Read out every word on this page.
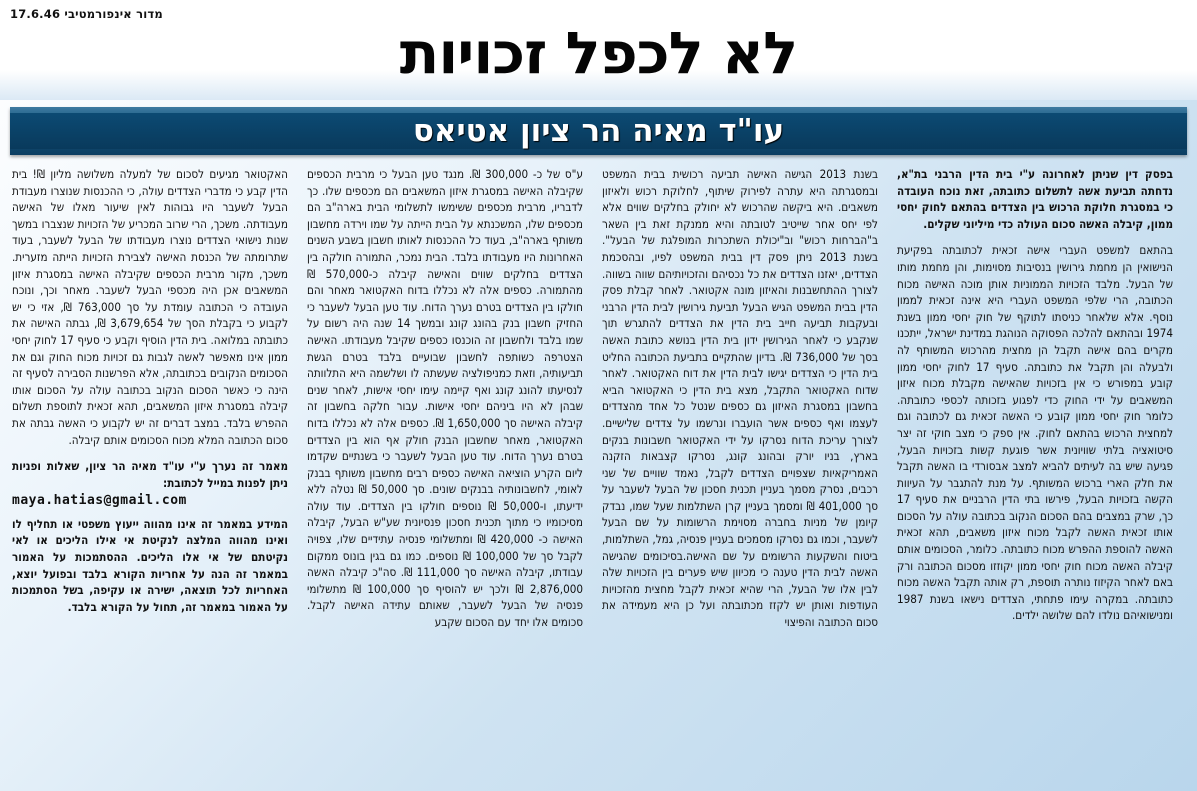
מדור אינפורמטיבי 17.6.46
לא לכפל זכויות
עו"ד מאיה הר ציון אטיאס

בפסק דין שניתן לאחרונה ע"י בית הדין הרבני בת"א, נדחתה תביעת אשה לתשלום כתובתה, זאת נוכח העובדה כי במסגרת חלוקת הרכוש בין הצדדים בהתאם לחוק יחסי ממון, קיבלה האשה סכום העולה כדי מיליוני שקלים.

בהתאם למשפט העברי אישה זכאית לכתובתה בפקיעת הנישואין הן מחמת גירושין בנסיבות מסוימות, והן מחמת מותו של הבעל. מלבד הזכויות הממוניות אותן מוכה האישה מכוח הכתובה, הרי שלפי המשפט העברי היא אינה זכאית לממון נוסף. אלא שלאחר כניסתו לתוקף של חוק יחסי ממון בשנת 1974 ובהתאם להלכה הפסוקה הנוהגת במדינת ישראל, ייתכנו מקרים בהם אישה תקבל הן מחצית מהרכוש המשותף לה ולבעלה והן תקבל את כתובתה. סעיף 17 לחוק יחסי ממון קובע במפורש כי אין בזכויות שהאישה מקבלת מכוח איזון המשאבים על ידי החוק כדי לפגוע בזכותה לכספי כתובתה. כלומר חוק יחסי ממון קובע כי האשה זכאית גם לכתובה וגם למחצית הרכוש בהתאם לחוק. אין ספק כי מצב חוקי זה יצר סיטואציה בלתי שוויונית אשר פוגעת קשות בזכויות הבעל, פגיעה שיש בה לעיתים להביא למצב אבסורדי בו האשה תקבל את חלק הארי ברכוש המשותף. על מנת להתגבר על העיוות הקשה בזכויות הבעל, פירשו בתי הדין הרבניים את סעיף 17 כך, שרק במצבים בהם הסכום הנקוב בכתובה עולה על הסכום אותו זכאית האשה לקבל מכוח איזון משאבים, תהא זכאית האשה להוספת ההפרש מכוח כתובתה. כלומר, הסכומים אותם קיבלה האשה מכוח חוק יחסי ממון יקוזזו מסכום הכתובה ורק באם לאחר הקיזוז נותרה תוספת, רק אותה תקבל האשה מכוח כתובתה. במקרה עימו פתחתי, הצדדים נישאו בשנת 1987 ומנישואיהם נולדו להם שלושה ילדים.

בשנת 2013 הגישה האישה תביעה רכושית בבית המשפט ובמסגרתה היא עתרה לפירוק שיתוף, לחלוקת רכוש ולאיזון משאבים. היא ביקשה שהרכוש לא יחולק בחלקים שווים אלא לפי יחס אחר שייטיב לטובתה והיא ממנקת זאת בין השאר ב"הברחות רכוש" וב"יכולת השתכרות המופלגת של הבעל". בשנת 2013 ניתן פסק דין בבית המשפט לפיו, ובהסכמת הצדדים, יאזנו הצדדים את כל נכסיהם והזכויותיהם שווה בשווה. לצורך ההתחשבנות והאיזון מונה אקטואר. לאחר קבלת פסק הדין בבית המשפט הגיש הבעל תביעת גירושין לבית הדין הרבני ובעקבות תביעה חייב בית הדין את הצדדים להתגרש תוך שנקבע כי לאחר הגירושין ידון בית הדין בנושא כתובת האשה בסך של 736,000 ₪. בדיון שהתקיים בתביעת הכתובה החליט בית הדין כי הצדדים יגישו לבית הדין את דוח האקטואר. לאחר שדוח האקטואר התקבל, מצא בית הדין כי האקטואר הביא בחשבון במסגרת האיזון גם כספים שנטל כל אחד מהצדדים לעצמו ואף כספים אשר הועברו ונרשמו על צדדים שלישיים. לצורך עריכת הדוח נסרקו על ידי האקטואר חשבונות בנקים בארץ, בניו יורק ובהונג קונג, נסרקו קצבאות הזקנה האמריקאיות שצפויים הצדדים לקבל, נאמד שוויים של שני רכבים, נסרק מסמך בעניין תכנית חסכון של הבעל לשעבר על סך 401,000 ₪ ומסמך בעניין קרן השתלמות שעל שמו, נבדק קיומן של מניות בחברה מסוימת הרשומות על שם הבעל לשעבר, וכמו גם נסרקו מסמכים בעניין פנסיה, גמל, השתלמות, ביטוח והשקעות הרשומים על שם האישה.בסיכומים שהגישה האשה לבית הדין טענה כי מכיוון שיש פערים בין הזכויות שלה לבין אלו של הבעל, הרי שהיא זכאית לקבל מחצית מהזכויות העודפות ואותן יש לקזז מכתובתה ועל כן היא מעמידה את סכום הכתובה והפיצוי

ע"ס של כ- 300,000 ₪. מנגד טען הבעל כי מרבית הכספים שקיבלה האישה במסגרת איזון המשאבים הם מכספים שלו. כך לדבריו, מרבית מכספים ששימשו לתשלומי הבית בארה"ב הם מכספים שלו, המשכנתא על הבית הייתה על שמו וירדה מחשבון משותף בארה"ב, בעוד כל ההכנסות לאותו חשבון בשבע השנים האחרונות היו מעבודתו בלבד. הבית נמכר, התמורה חולקה בין הצדדים בחלקים שווים והאישה קיבלה כ-570,000 ₪ מהתמורה. כספים אלה לא נכללו בדוח האקטואר מאחר והם חולקו בין הצדדים בטרם נערך הדוח. עוד טען הבעל לשעבר כי החזיק חשבון בנק בהונג קונג ובמשך 14 שנה היה רשום על שמו בלבד ולחשבון זה הוכנסו כספים שקיבל מעבודתו. האישה הצטרפה כשותפה לחשבון שבועיים בלבד בטרם הגשת תביעותיה, וזאת כמניפולציה שעשתה לו ושלשמה היא התלוותה לנסיעתו להונג קונג ואף קיימה עימו יחסי אישות, לאחר שנים שבהן לא היו ביניהם יחסי אישות. עבור חלקה בחשבון זה קיבלה האישה סך 1,650,000 ₪. כספים אלה לא נכללו בדוח האקטואר, מאחר שחשבון הבנק חולק אף הוא בין הצדדים בטרם נערך הדוח. עוד טען הבעל לשעבר כי בשנתיים שקדמו ליום הקרע הוציאה האישה כספים רבים מחשבון משותף בבנק לאומי, לחשבונותיה בבנקים שונים. סך 50,000 ₪ נטלה ללא ידיעתו, ו-50,000 ₪ נוספים חולקו בין הצדדים. עוד עולה מסיכומיו כי מתוך תכנית חסכון פנסיונית שע"ש הבעל, קיבלה האישה כ- 420,000 ₪ ומתשלומי פנסיה עתידיים שלו, צפויה לקבל סך של 100,000 ₪ נוספים. כמו גם בגין בונוס ממקום עבודתו, קיבלה האישה סך 111,000 ₪. סה"כ קיבלה האשה 2,876,000 ₪ ולכך יש להוסיף סך 100,000 ₪ מתשלומי פנסיה של הבעל לשעבר, שאותם עתידה האישה לקבל. סכומים אלו יחד עם הסכום שקבע

האקטואר מגיעים לסכום של למעלה משלושה מליון ₪! בית הדין קבע כי מדברי הצדדים עולה, כי ההכנסות שנוצרו מעבודת הבעל לשעבר היו גבוהות לאין שיעור מאלו של האישה מעבודתה. משכך, הרי שרוב המכריע של הזכויות שנצברו במשך שנות נישואי הצדדים נוצרו מעבודתו של הבעל לשעבר, בעוד שתרומתה של הכנסת האישה לצבירת הזכויות הייתה מזערית. משכך, מקור מרבית הכספים שקיבלה האישה במסגרת איזון המשאבים אכן היה מכספי הבעל לשעבר. מאחר וכך, ונוכח העובדה כי הכתובה עומדת על סך 763,000 ₪, אזי כי יש לקבוע כי בקבלת הסך של 3,679,654 ₪, גבתה האישה את כתובתה במלואה. בית הדין הוסיף וקבע כי סעיף 17 לחוק יחסי ממון אינו מאפשר לאשה לגבות גם זכויות מכוח החוק וגם את הסכומים הנקובים בכתובתה, אלא הפרשנות הסבירה לסעיף זה הינה כי כאשר הסכום הנקוב בכתובה עולה על הסכום אותו קיבלה במסגרת איזון המשאבים, תהא זכאית לתוספת תשלום ההפרש בלבד. במצב דברים זה יש לקבוע כי האשה גבתה את סכום הכתובה המלא מכוח הסכומים אותם קיבלה.

מאמר זה נערך ע"י עו"ד מאיה הר ציון, שאלות ופניות ניתן לפנות במייל לכתובת:

maya.hatias@gmail.com

המידע במאמר זה אינו מהווה ייעוץ משפטי או תחליף לו ואינו מהווה המלצה לנקיטת אי אילו הליכים או לאי נקיטתם של אי אלו הליכים. ההסתמכות על האמור במאמר זה הנה על אחריות הקורא בלבד ובפועל יוצא, האחריות לכל תוצאה, ישירה או עקיפה, בשל הסתמכות על האמור במאמר זה, תחול על הקורא בלבד.
